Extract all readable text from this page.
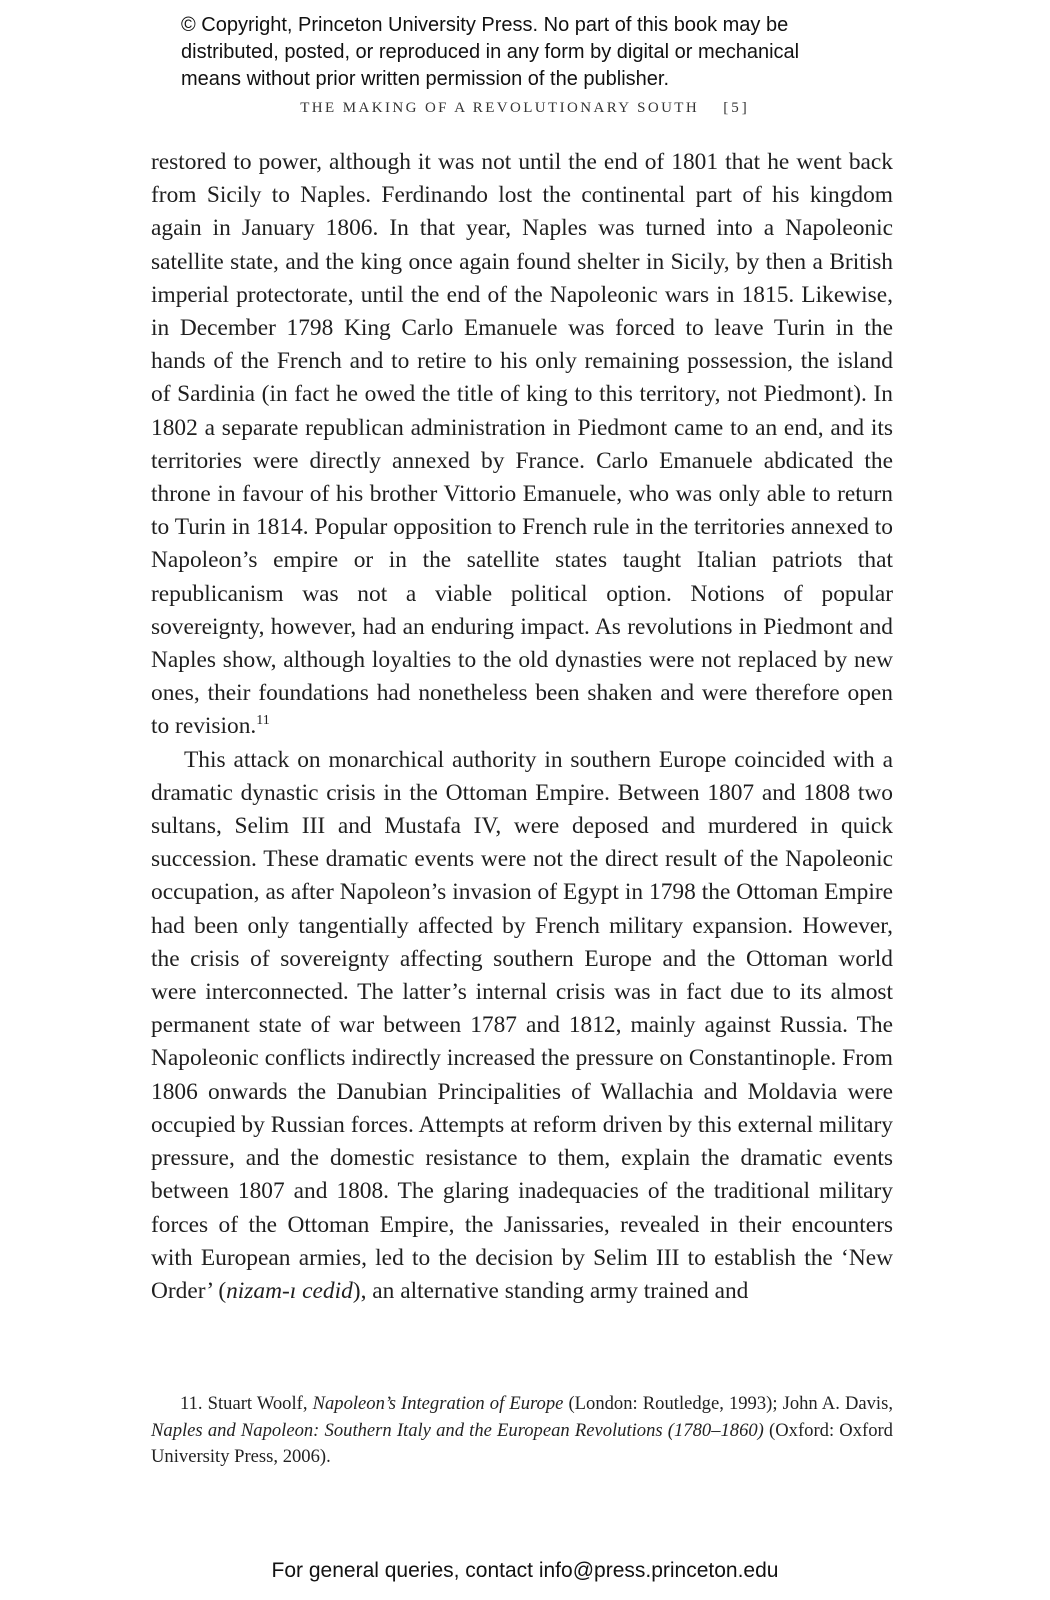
© Copyright, Princeton University Press. No part of this book may be
distributed, posted, or reproduced in any form by digital or mechanical
means without prior written permission of the publisher.
THE MAKING OF A REVOLUTIONARY SOUTH [5]

restored to power, although it was not until the end of 1801 that he went back from Sicily to Naples. Ferdinando lost the continental part of his kingdom again in January 1806. In that year, Naples was turned into a Napoleonic satellite state, and the king once again found shelter in Sicily, by then a British imperial protectorate, until the end of the Napoleonic wars in 1815. Likewise, in December 1798 King Carlo Emanuele was forced to leave Turin in the hands of the French and to retire to his only remaining possession, the island of Sardinia (in fact he owed the title of king to this territory, not Piedmont). In 1802 a separate republican administration in Piedmont came to an end, and its territories were directly annexed by France. Carlo Emanuele abdicated the throne in favour of his brother Vittorio Emanuele, who was only able to return to Turin in 1814. Popular opposition to French rule in the territories annexed to Napoleon’s empire or in the satellite states taught Italian patriots that republicanism was not a viable political option. Notions of popular sovereignty, however, had an enduring impact. As revolutions in Piedmont and Naples show, although loyalties to the old dynasties were not replaced by new ones, their foundations had nonetheless been shaken and were therefore open to revision.$^{11}$

This attack on monarchical authority in southern Europe coincided with a dramatic dynastic crisis in the Ottoman Empire. Between 1807 and 1808 two sultans, Selim III and Mustafa IV, were deposed and murdered in quick succession. These dramatic events were not the direct result of the Napoleonic occupation, as after Napoleon’s invasion of Egypt in 1798 the Ottoman Empire had been only tangentially affected by French military expansion. However, the crisis of sovereignty affecting southern Europe and the Ottoman world were interconnected. The latter’s internal crisis was in fact due to its almost permanent state of war between 1787 and 1812, mainly against Russia. The Napoleonic conflicts indirectly increased the pressure on Constantinople. From 1806 onwards the Danubian Principalities of Wallachia and Moldavia were occupied by Russian forces. Attempts at reform driven by this external military pressure, and the domestic resistance to them, explain the dramatic events between 1807 and 1808. The glaring inadequacies of the traditional military forces of the Ottoman Empire, the Janissaries, revealed in their encounters with European armies, led to the decision by Selim III to establish the ‘New Order’ (nizam-ı cedid), an alternative standing army trained and

11. Stuart Woolf, Napoleon’s Integration of Europe (London: Routledge, 1993); John A. Davis, Naples and Napoleon: Southern Italy and the European Revolutions (1780–1860) (Oxford: Oxford University Press, 2006).
For general queries, contact info@press.princeton.edu
